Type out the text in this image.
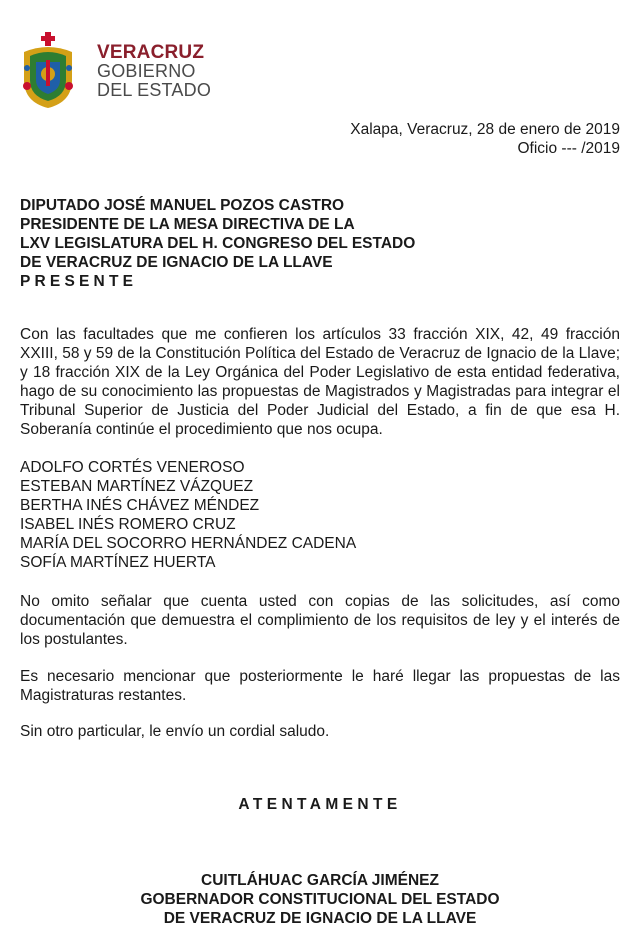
VERACRUZ
GOBIERNO
DEL ESTADO
Xalapa, Veracruz, 28 de enero de 2019
Oficio --- /2019
DIPUTADO JOSÉ MANUEL POZOS CASTRO
PRESIDENTE DE LA MESA DIRECTIVA DE LA
LXV LEGISLATURA DEL H. CONGRESO DEL ESTADO
DE VERACRUZ DE IGNACIO DE LA LLAVE
PRESENTE
Con las facultades que me confieren los artículos 33 fracción XIX, 42, 49 fracción XXIII, 58 y 59 de la Constitución Política del Estado de Veracruz de Ignacio de la Llave; y 18 fracción XIX de la Ley Orgánica del Poder Legislativo de esta entidad federativa, hago de su conocimiento las propuestas de Magistrados y Magistradas para integrar el Tribunal Superior de Justicia del Poder Judicial del Estado, a fin de que esa H. Soberanía continúe el procedimiento que nos ocupa.
ADOLFO CORTÉS VENEROSO
ESTEBAN MARTÍNEZ VÁZQUEZ
BERTHA INÉS CHÁVEZ MÉNDEZ
ISABEL INÉS ROMERO CRUZ
MARÍA DEL SOCORRO HERNÁNDEZ CADENA
SOFÍA MARTÍNEZ HUERTA
No omito señalar que cuenta usted con copias de las solicitudes, así como documentación que demuestra el complimiento de los requisitos de ley y el interés de los postulantes.
Es necesario mencionar que posteriormente le haré llegar las propuestas de las Magistraturas restantes.
Sin otro particular, le envío un cordial saludo.
ATENTAMENTE
CUITLÁHUAC GARCÍA JIMÉNEZ
GOBERNADOR CONSTITUCIONAL DEL ESTADO
DE VERACRUZ DE IGNACIO DE LA LLAVE
